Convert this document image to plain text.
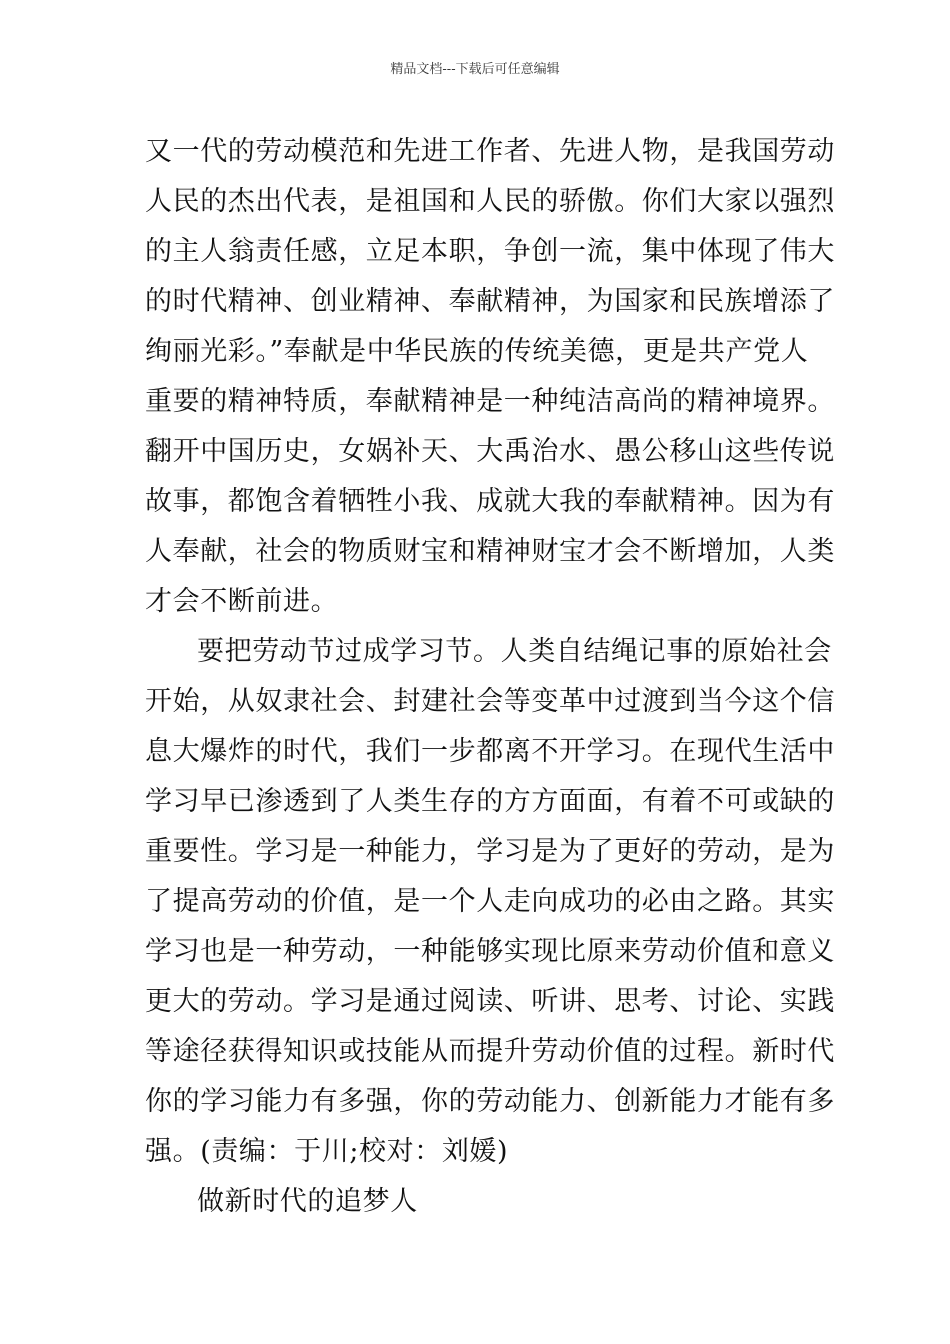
精品文档---下载后可任意编辑
又一代的劳动模范和先进工作者、先进人物，是我国劳动
人民的杰出代表，是祖国和人民的骄傲。你们大家以强烈
的主人翁责任感，立足本职，争创一流，集中体现了伟大
的时代精神、创业精神、奉献精神，为国家和民族增添了
绚丽光彩。”奉献是中华民族的传统美德，更是共产党人
重要的精神特质，奉献精神是一种纯洁高尚的精神境界。
翻开中国历史，女娲补天、大禹治水、愚公移山这些传说
故事，都饱含着牺牲小我、成就大我的奉献精神。因为有
人奉献，社会的物质财宝和精神财宝才会不断增加，人类
才会不断前进。
要把劳动节过成学习节。人类自结绳记事的原始社会
开始，从奴隶社会、封建社会等变革中过渡到当今这个信
息大爆炸的时代，我们一步都离不开学习。在现代生活中
学习早已渗透到了人类生存的方方面面，有着不可或缺的
重要性。学习是一种能力，学习是为了更好的劳动，是为
了提高劳动的价值，是一个人走向成功的必由之路。其实
学习也是一种劳动，一种能够实现比原来劳动价值和意义
更大的劳动。学习是通过阅读、听讲、思考、讨论、实践
等途径获得知识或技能从而提升劳动价值的过程。新时代
你的学习能力有多强，你的劳动能力、创新能力才能有多
强。(责编：于川;校对：刘媛)
做新时代的追梦人
